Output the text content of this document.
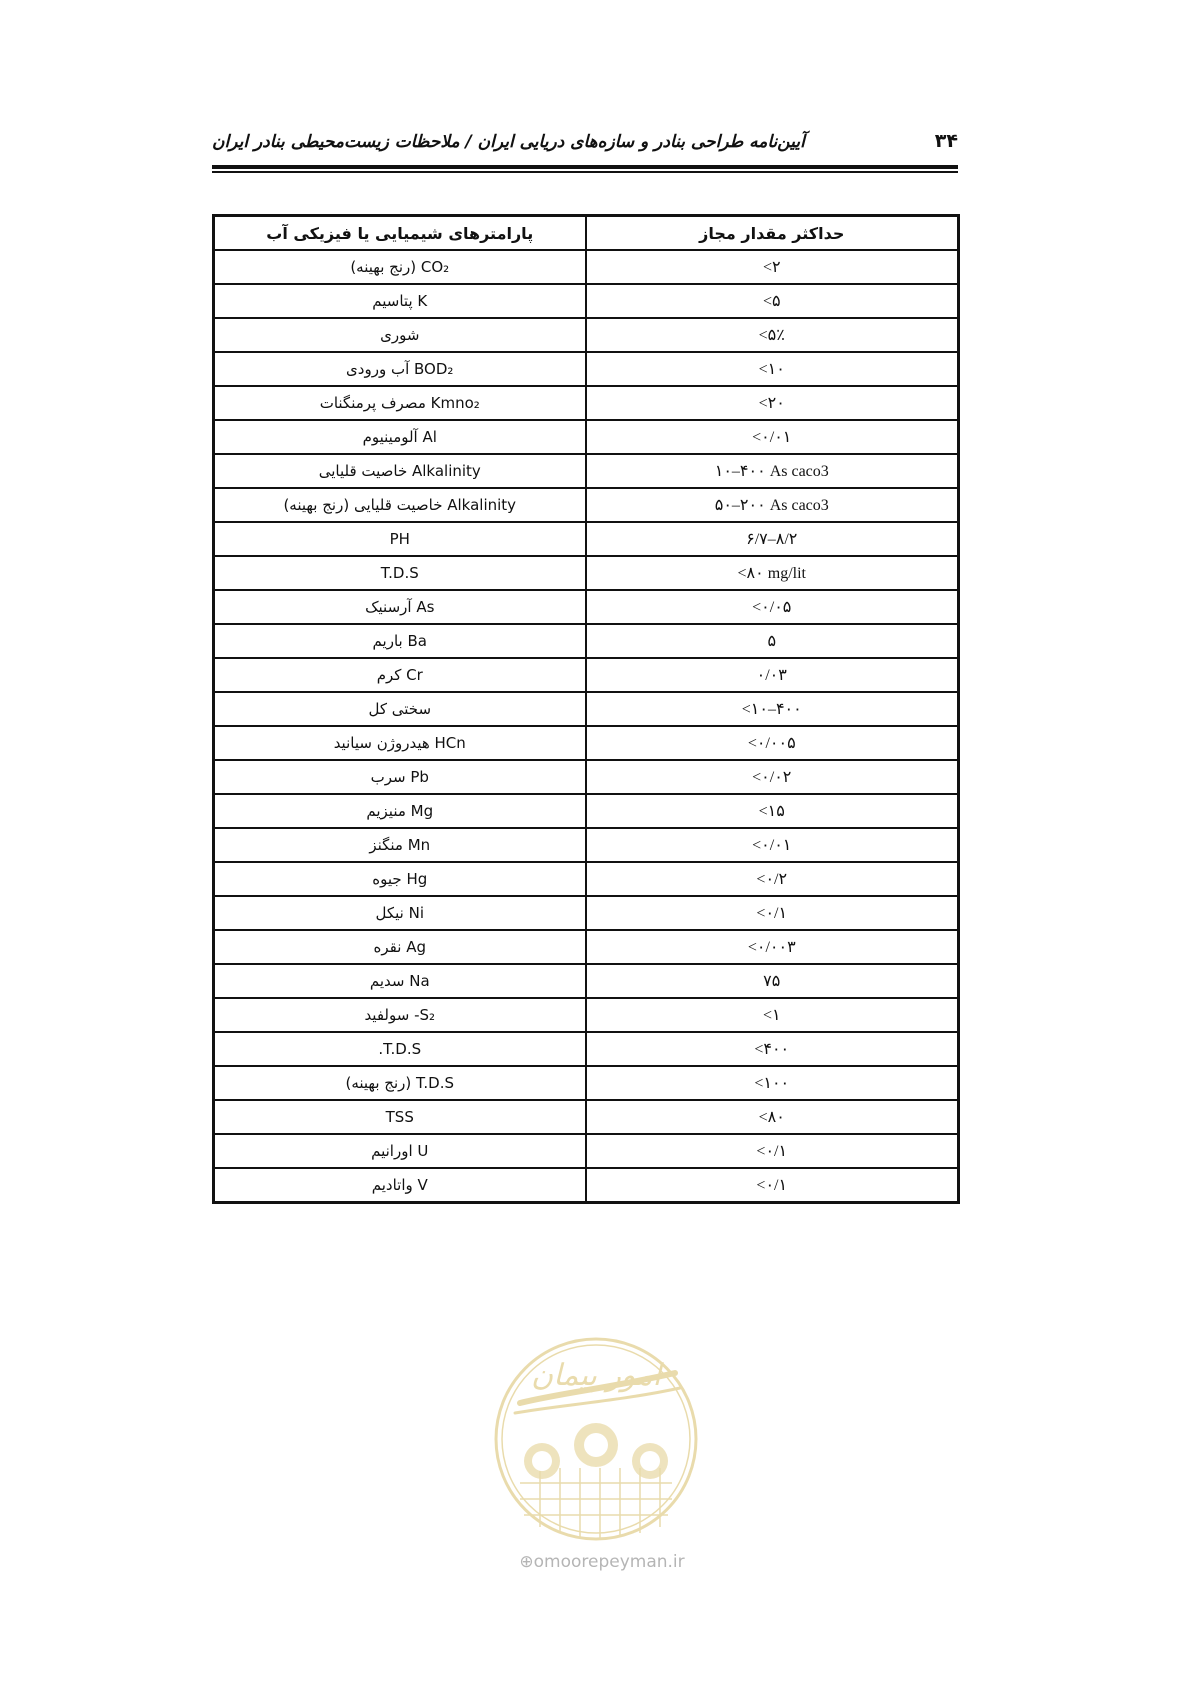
آیین‌نامه طراحی بنادر و سازه‌های دریایی ایران / ملاحظات زیست‌محیطی بنادر ایران	۳۴
پارامترهای شیمیایی یا فیزیکی آب	حداکثر مقدار مجاز
CO₂ (رنج بهینه)	<۲
K پتاسیم	<۵
شوری	<۵٪
BOD₂ آب ورودی	<۱۰
Kmno₂ مصرف پرمنگنات	<۲۰
Al آلومینیوم	<۰/۰۱
Alkalinity خاصیت قلیایی	۱۰–۴۰۰ As caco3
Alkalinity خاصیت قلیایی (رنج بهینه)	۵۰–۲۰۰ As caco3
PH	۶/۷–۸/۲
T.D.S	<۸۰ mg/lit
As آرسنیک	<۰/۰۵
Ba باریم	۵
Cr کرم	۰/۰۳
سختی کل	<۱۰–۴۰۰
HCn هیدروژن سیانید	<۰/۰۰۵
Pb سرب	<۰/۰۲
Mg منیزیم	<۱۵
Mn منگنز	<۰/۰۱
Hg جیوه	<۰/۲
Ni نیکل	<۰/۱
Ag نقره	<۰/۰۰۳
Na سدیم	۷۵
S₂- سولفید	<۱
T.D.S.	<۴۰۰
T.D.S (رنج بهینه)	<۱۰۰
TSS	<۸۰
U اورانیم	<۰/۱
V واتادیم	<۰/۱
امور پیمان
⊕omoorepeyman.ir
